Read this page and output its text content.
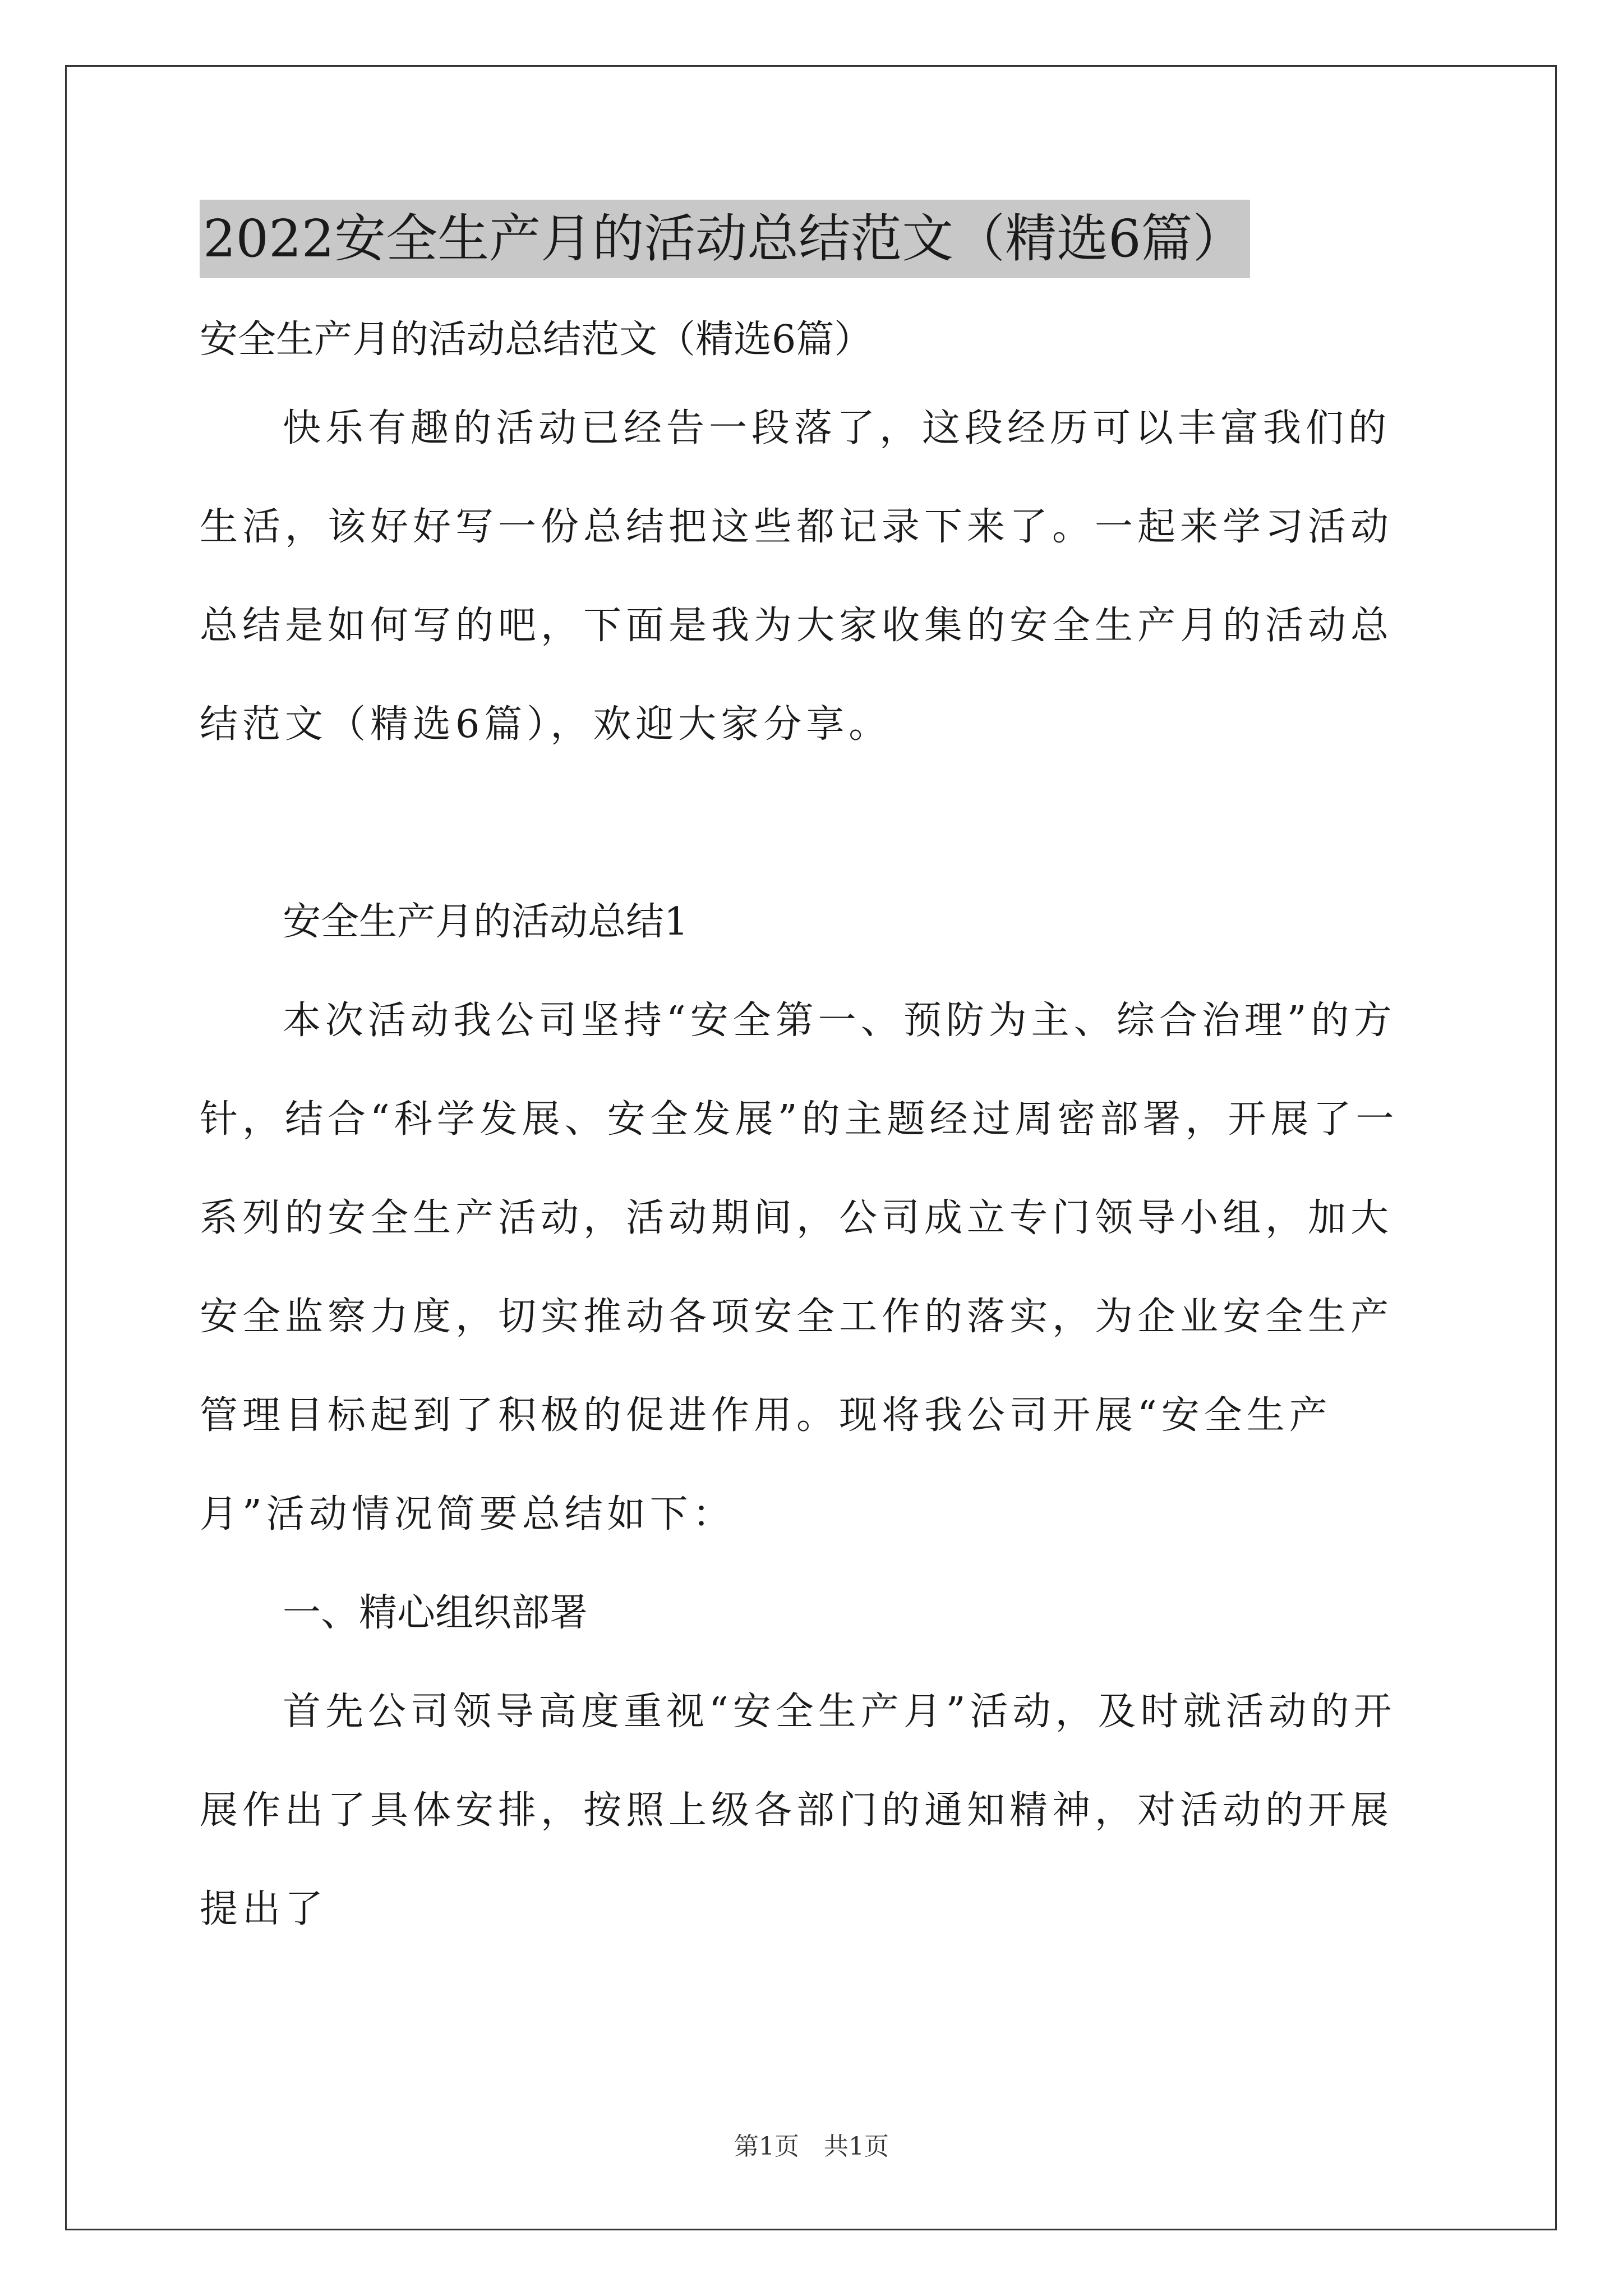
2022安全生产月的活动总结范文（精选6篇）
安全生产月的活动总结范文（精选6篇）

快乐有趣的活动已经告一段落了，这段经历可以丰富我们的生活，该好好写一份总结把这些都记录下来了。一起来学习活动总结是如何写的吧，下面是我为大家收集的安全生产月的活动总结范文（精选6篇），欢迎大家分享。

安全生产月的活动总结1

本次活动我公司坚持“安全第一、预防为主、综合治理”的方针，结合“科学发展、安全发展”的主题经过周密部署，开展了一系列的安全生产活动，活动期间，公司成立专门领导小组，加大安全监察力度，切实推动各项安全工作的落实，为企业安全生产管理目标起到了积极的促进作用。现将我公司开展“安全生产月”活动情况简要总结如下：

一、精心组织部署

首先公司领导高度重视“安全生产月”活动，及时就活动的开展作出了具体安排，按照上级各部门的通知精神，对活动的开展提出了

第1页　共1页
